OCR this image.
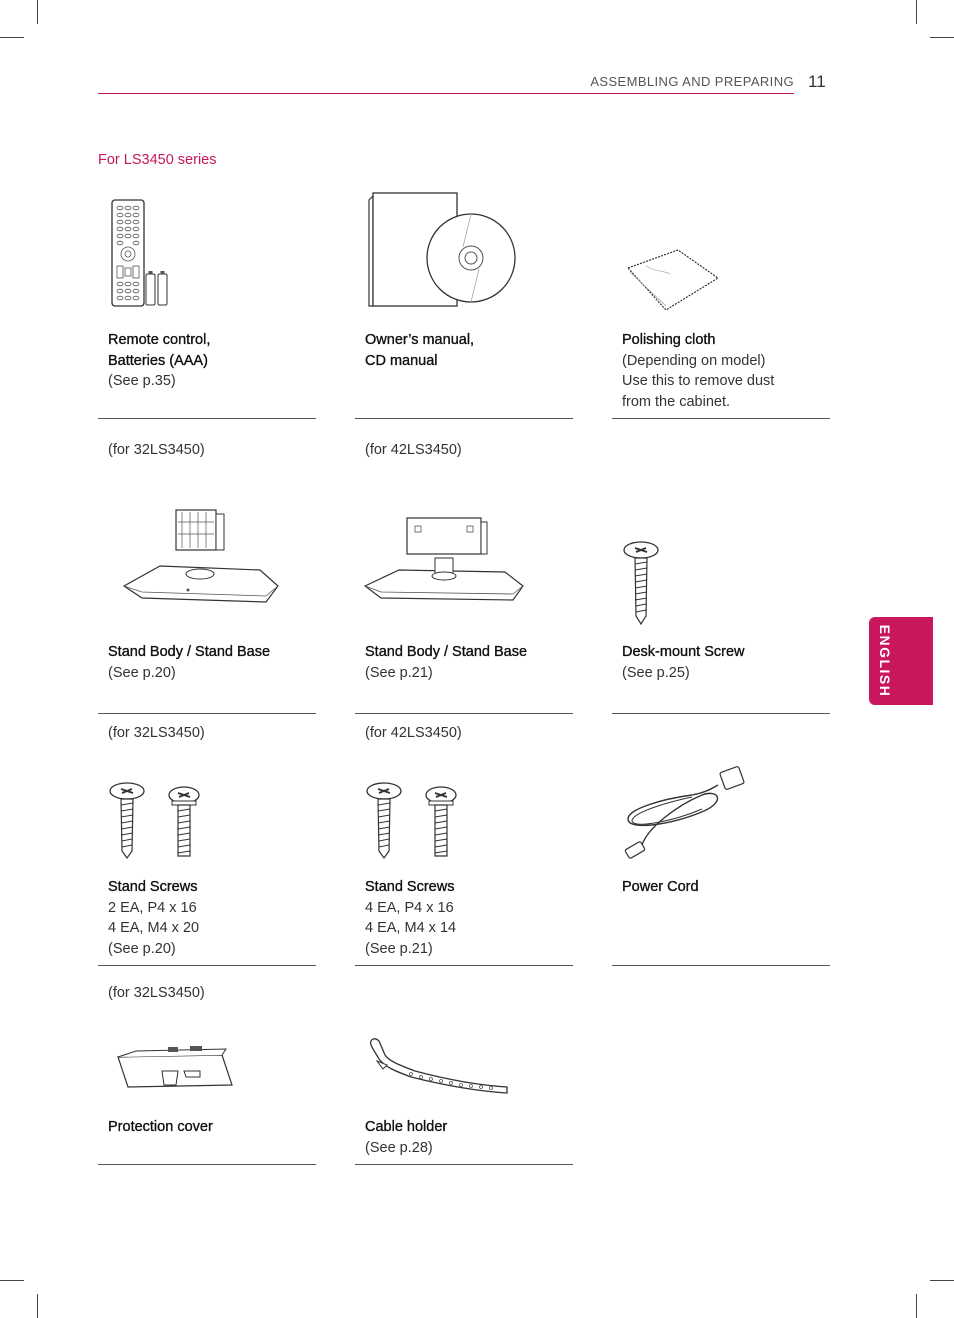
ASSEMBLING AND PREPARING 11
For LS3450 series
ENGLISH
Remote control,
Batteries (AAA)
(See p.35)
Owner’s manual,
CD manual
Polishing cloth
(Depending on model)
Use this to remove dust
from the cabinet.
(for 32LS3450)
Stand Body / Stand Base
(See p.20)
(for 42LS3450)
Stand Body / Stand Base
(See p.21)
Desk-mount Screw
(See p.25)
(for 32LS3450)
Stand Screws
2 EA, P4 x 16
4 EA, M4 x 20
(See p.20)
(for 42LS3450)
Stand Screws
4 EA, P4 x 16
4 EA, M4 x 14
(See p.21)
Power Cord
(for 32LS3450)
Protection cover	Cable holder
(See p.28)
